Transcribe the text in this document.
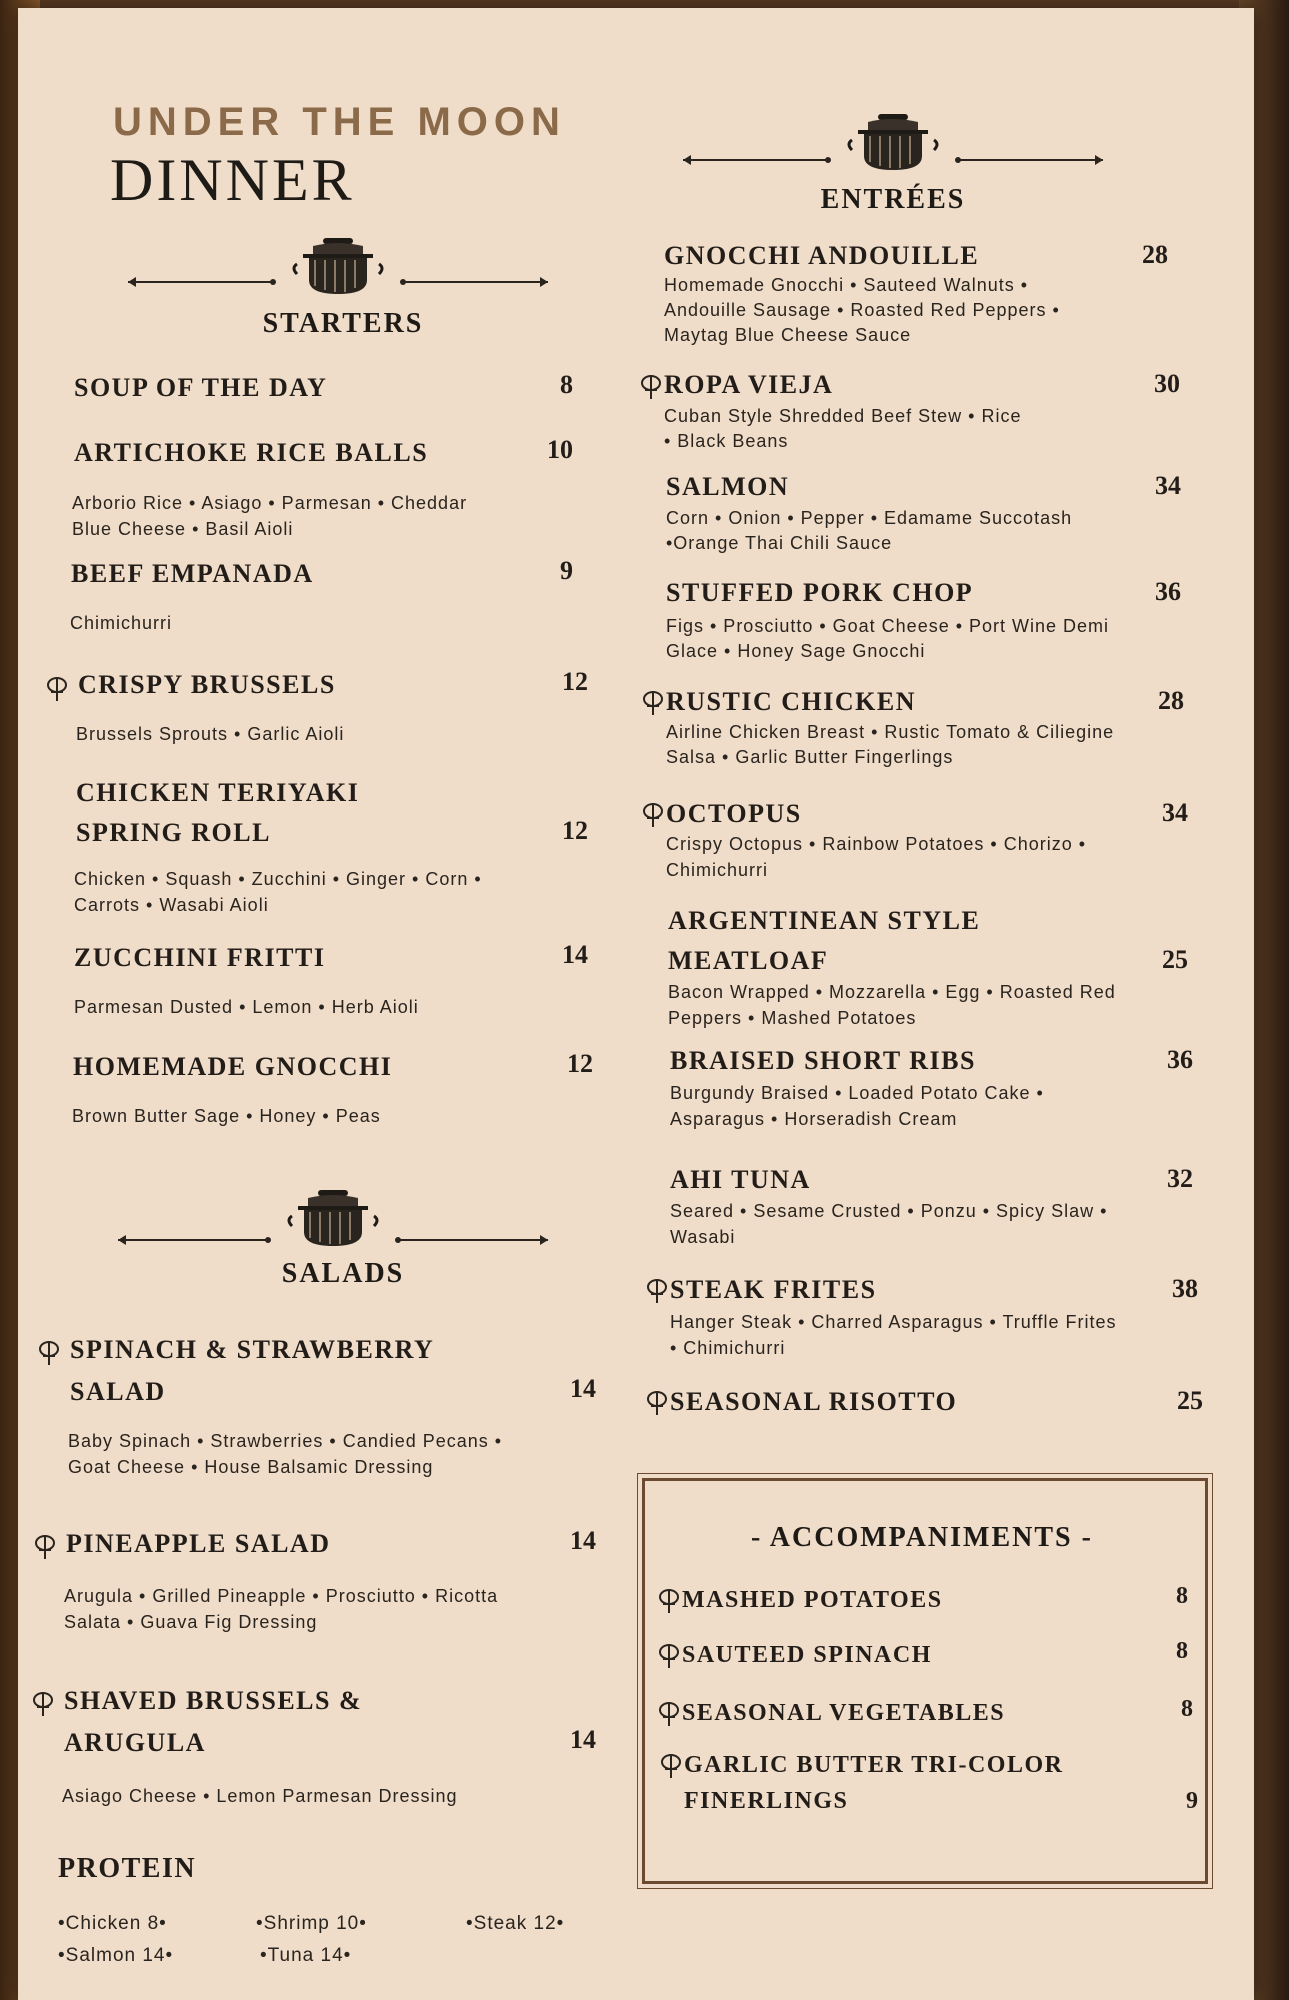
UNDER THE MOON
DINNER
STARTERS
SOUP OF THE DAY	8
ARTICHOKE RICE BALLS	10
Arborio Rice • Asiago • Parmesan • Cheddar
Blue Cheese • Basil Aioli
BEEF EMPANADA	9
Chimichurri
CRISPY BRUSSELS	12
Brussels Sprouts • Garlic Aioli
CHICKEN TERIYAKI
SPRING ROLL	12
Chicken • Squash • Zucchini • Ginger • Corn •
Carrots • Wasabi Aioli
ZUCCHINI FRITTI	14
Parmesan Dusted • Lemon • Herb Aioli
HOMEMADE GNOCCHI	12
Brown Butter Sage • Honey • Peas
SALADS
SPINACH & STRAWBERRY
SALAD	14
Baby Spinach • Strawberries • Candied Pecans •
Goat Cheese • House Balsamic Dressing
PINEAPPLE SALAD	14
Arugula • Grilled Pineapple • Prosciutto • Ricotta
Salata • Guava Fig Dressing
SHAVED BRUSSELS &
ARUGULA	14
Asiago Cheese • Lemon Parmesan Dressing
PROTEIN
•Chicken 8•	•Shrimp 10•	•Steak 12•
•Salmon 14•	•Tuna 14•
ENTRÉES
GNOCCHI ANDOUILLE	28
Homemade Gnocchi • Sauteed Walnuts •
Andouille Sausage • Roasted Red Peppers •
Maytag Blue Cheese Sauce
ROPA VIEJA	30
Cuban Style Shredded Beef Stew • Rice
• Black Beans
SALMON	34
Corn • Onion • Pepper • Edamame Succotash
•Orange Thai Chili Sauce
STUFFED PORK CHOP	36
Figs • Prosciutto • Goat Cheese • Port Wine Demi
Glace • Honey Sage Gnocchi
RUSTIC CHICKEN	28
Airline Chicken Breast • Rustic Tomato & Ciliegine
Salsa • Garlic Butter Fingerlings
OCTOPUS	34
Crispy Octopus • Rainbow Potatoes • Chorizo •
Chimichurri
ARGENTINEAN STYLE
MEATLOAF	25
Bacon Wrapped • Mozzarella • Egg • Roasted Red
Peppers • Mashed Potatoes
BRAISED SHORT RIBS	36
Burgundy Braised • Loaded Potato Cake •
Asparagus • Horseradish Cream
AHI TUNA	32
Seared • Sesame Crusted • Ponzu • Spicy Slaw •
Wasabi
STEAK FRITES	38
Hanger Steak • Charred Asparagus • Truffle Frites
• Chimichurri
SEASONAL RISOTTO	25
- ACCOMPANIMENTS -
MASHED POTATOES	8
SAUTEED SPINACH	8
SEASONAL VEGETABLES	8
GARLIC BUTTER TRI-COLOR
FINERLINGS	9
